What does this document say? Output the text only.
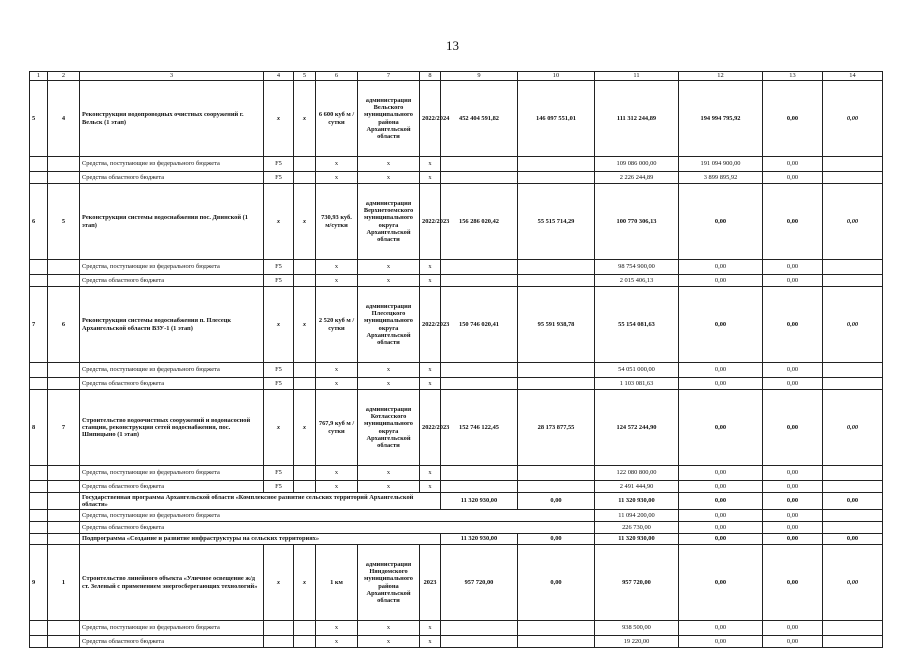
13
1	2	3	4	5	6	7	8	9	10	11	12	13	14
5	4	Реконструкция водопроводных очистных сооружений г. Вельск (1 этап)	x	x	6 600 куб м / сутки	администрация Вельского муниципального района Архангельской области	2022/2024	452 404 591,82	146 097 551,01	111 312 244,89	194 994 795,92	0,00	0,00
		Средства, поступающие из федерального бюджета	F5		x	x	x			109 086 000,00	191 094 900,00	0,00	
		Средства областного бюджета	F5		x	x	x			2 226 244,89	3 899 895,92	0,00	
6	5	Реконструкция системы водоснабжения пос. Двинской (1 этап)	x	x	730,93 куб. м/сутки	администрация Верхнетоемского муниципального округа Архангельской области	2022/2023	156 286 020,42	55 515 714,29	100 770 306,13	0,00	0,00	0,00
		Средства, поступающие из федерального бюджета	F5		x	x	x			98 754 900,00	0,00	0,00	
		Средства областного бюджета	F5		x	x	x			2 015 406,13	0,00	0,00	
7	6	Реконструкция системы водоснабжения п. Плесецк Архангельской области ВЗУ-1 (1 этап)	x	x	2 520 куб м / сутки	администрация Плесецкого муниципального округа Архангельской области	2022/2023	150 746 020,41	95 591 938,78	55 154 081,63	0,00	0,00	0,00
		Средства, поступающие из федерального бюджета	F5		x	x	x			54 051 000,00	0,00	0,00	
		Средства областного бюджета	F5		x	x	x			1 103 081,63	0,00	0,00	
8	7	Строительство водоочистных сооружений и водонасосной станции, реконструкция сетей водоснабжения, пос. Шипицыно (1 этап)	x	x	767,9 куб м / сутки	администрация Котласского муниципального округа Архангельской области	2022/2023	152 746 122,45	28 173 877,55	124 572 244,90	0,00	0,00	0,00
		Средства, поступающие из федерального бюджета	F5		x	x	x			122 080 800,00	0,00	0,00	
		Средства областного бюджета	F5		x	x	x			2 491 444,90	0,00	0,00	
		Государственная программа Архангельской области «Комплексное развитие сельских территорий Архангельской области»						11 320 930,00	0,00	11 320 930,00	0,00	0,00	0,00
		Средства, поступающие из федерального бюджета								11 094 200,00	0,00	0,00	
		Средства областного бюджета								226 730,00	0,00	0,00	
		Подпрограмма «Создание и развитие инфраструктуры на сельских территориях»						11 320 930,00	0,00	11 320 930,00	0,00	0,00	0,00
9	1	Строительство линейного объекта «Уличное освещение ж/д ст. Зеленый с применением энергосберегающих технологий»	x	x	1 км	администрация Няндомского муниципального района Архангельской области	2023	957 720,00	0,00	957 720,00	0,00	0,00	0,00
		Средства, поступающие из федерального бюджета			x	x	x			938 500,00	0,00	0,00	
		Средства областного бюджета			x	x	x			19 220,00	0,00	0,00	
